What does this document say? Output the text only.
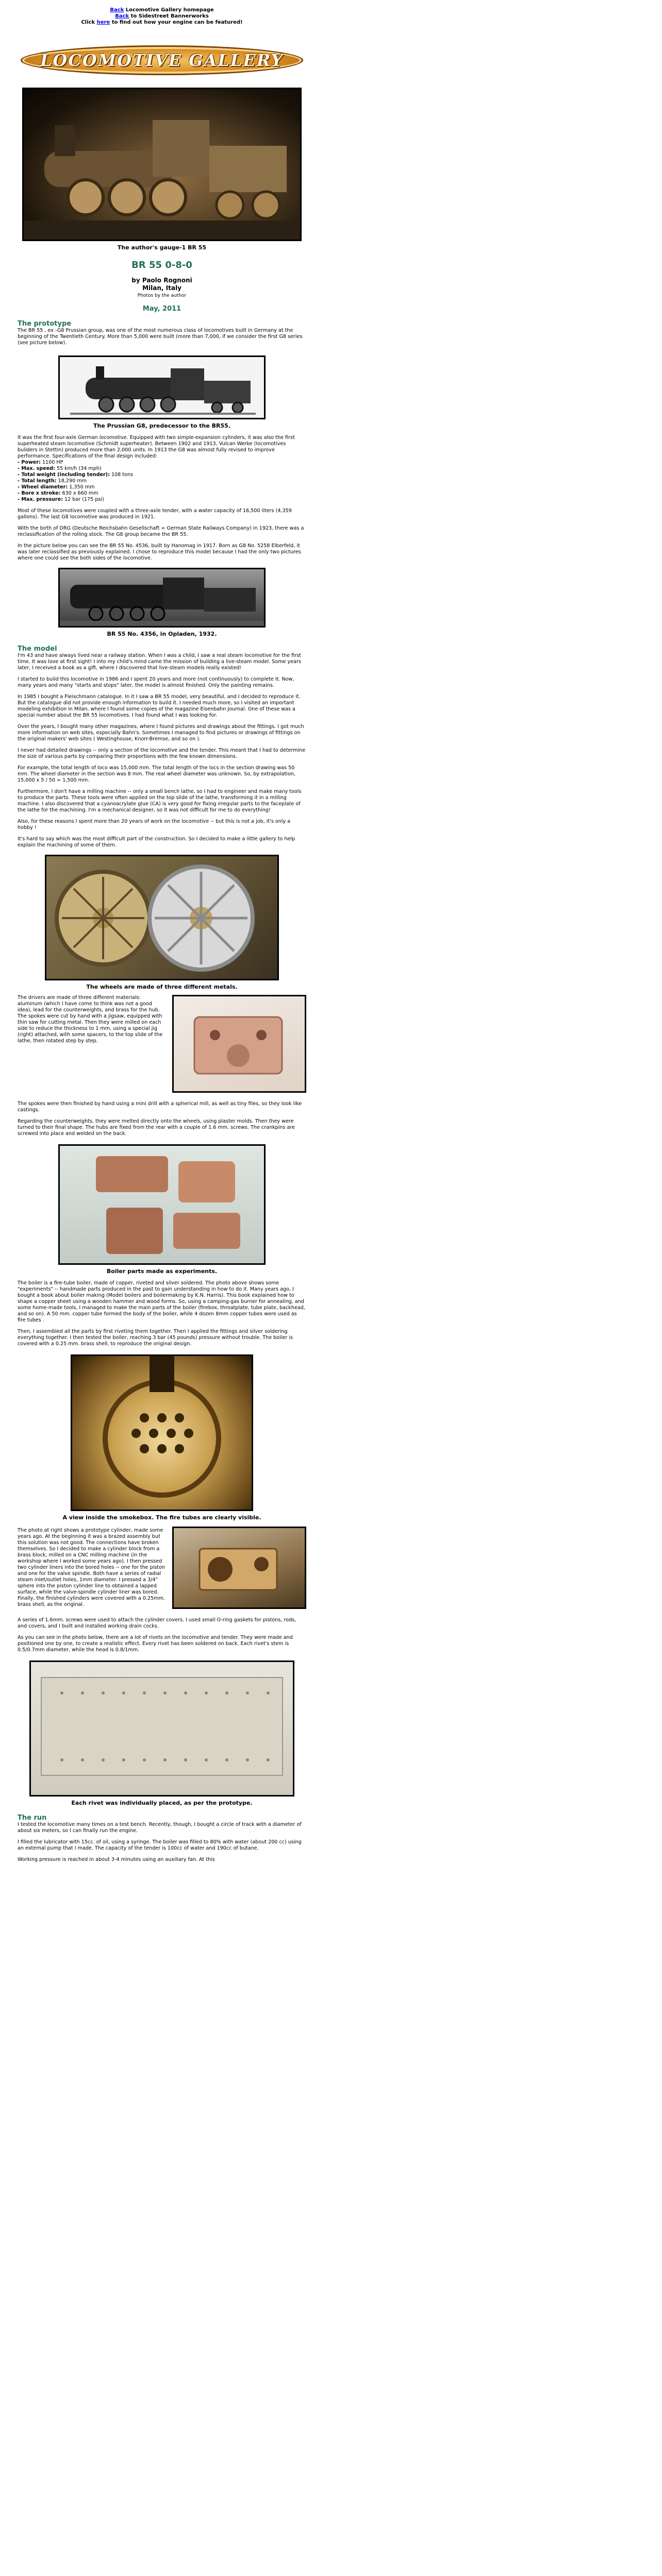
Back Locomotive Gallery homepage
Back to Sidestreet Bannerworks
Click here to find out how your engine can be featured!
LOCOMOTIVE GALLERY
The author's gauge-1 BR 55
BR 55 0-8-0
by Paolo Rognoni
Milan, Italy
Photos by the author
May, 2011
The prototype

The BR 55 , ex -G8 Prussian group, was one of the most numerous class of locomotives built in Germany at the beginning of the Twentieth Century. More than 5,000 were built (more than 7,000, if we consider the first G8 series (see picture below).

The Prussian G8, predecessor to the BR55.

It was the first four-axle German locomotive. Equipped with two simple-expansion cylinders, it was also the first superheated steam locomotive (Schmidt superheater). Between 1902 and 1913, Vulcan Werke (locomotives builders in Stettin) produced more than 2,000 units. In 1913 the G8 was almost fully revised to improve performance. Specifications of the final design included:

- Power: 1100 HP
- Max. speed: 55 km/h (34 mph)
- Total weight (including tender): 108 tons
- Total length: 18,290 mm
- Wheel diameter: 1,350 mm
- Bore x stroke: 630 x 660 mm
- Max. pressure: 12 bar (175 psi)

Most of these locomotives were coupled with a three-axle tender, with a water capacity of 16,500 liters (4,359 gallons). The last G8 locomotive was produced in 1921.

With the birth of DRG (Deutsche Reichsbahn Gesellschaft = German State Railways Company) in 1923, there was a reclassification of the rolling stock. The G8 group became the BR 55.

In the picture below you can see the BR 55 No. 4536, built by Hanomag in 1917. Born as G8 No. 5258 Elberfeld, it was later reclassified as previously explained. I chose to reproduce this model because I had the only two pictures where one could see the both sides of the locomotive.

BR 55 No. 4356, in Opladen, 1932.
The model

I'm 43 and have always lived near a railway station. When I was a child, I saw a real steam locomotive for the first time. It was love at first sight! I into my child's mind came the mission of building a live-steam model. Some years later, I received a book as a gift, where I discovered that live-steam models really existed!

I started to build this locomotive in 1986 and I spent 20 years and more (not continuously) to complete it. Now, many years and many "starts and stops" later, the model is almost finished. Only the painting remains.

In 1985 I bought a Fleischmann catalogue. In it I saw a BR 55 model, very beautiful, and I decided to reproduce it. But the catalogue did not provide enough information to build it. I needed much more, so I visited an important modeling exhibition in Milan, where I found some copies of the magazine Eisenbahn Journal. One of these was a special number about the BR 55 locomotives. I had found what I was looking for.

Over the years, I bought many other magazines, where I found pictures and drawings about the fittings. I got much more information on web sites, especially Bahn's. Sometimes I managed to find pictures or drawings of fittings on the original makers' web sites ( Westinghouse, Knorr-Bremse, and so on ).

I never had detailed drawings -- only a section of the locomotive and the tender. This meant that I had to determine the size of various parts by comparing their proportions with the few known dimensions.

For example, the total length of loco was 15,000 mm. The total length of the locs in the section drawing was 50 mm. The wheel diameter in the section was 8 mm. The real wheel diameter was unknown. So, by extrapolation, 15,000 x 5 / 50 = 1,500 mm.

Furthermore, I don't have a milling machine -- only a small bench lathe, so I had to engineer and make many tools to produce the parts. These tools were often applied on the top slide of the lathe, transforming it in a milling machine. I also discovered that a cyanoacrylate glue (CA) is very good for fixing irregular parts to the faceplate of the lathe for the machining. I'm a mechanical designer, so it was not difficult for me to do everything!

Also, for these reasons I spent more than 20 years of work on the locomotive -- but this is not a job, it's only a hobby !

It's hard to say which was the most difficult part of the construction. So I decided to make a little gallery to help explain the machining of some of them.

The wheels are made of three different metals.

The drivers are made of three different materials: aluminum (which I have come to think was not a good idea), lead for the counterweights, and brass for the hub. The spokes were cut by hand with a jigsaw, equipped with thin saw for cutting metal. Then they were milled on each side to reduce the thickness to 1 mm, using a special jig (right) attached, with some spacers, to the top slide of the lathe, then rotated step by step.

The spokes were then finished by hand using a mini drill with a spherical mill, as well as tiny files, so they look like castings.

Regarding the counterweights, they were melted directly onto the wheels, using plaster molds. Then they were turned to their final shape. The hubs are fixed from the rear with a couple of 1.6 mm. screws. The crankpins are screwed into place and welded on the back.

Boiler parts made as experiments.

The boiler is a fire-tube boiler, made of copper, riveted and silver soldered. The photo above shows some "experiments" -- handmade parts produced in the past to gain understanding in how to do it. Many years ago, I bought a book about boiler making (Model boilers and boilermaking by K.N. Harris). This book explained how to shape a copper sheet using a wooden hammer and wood forms. So, using a camping-gas burner for annealing, and some home-made tools, I managed to make the main parts of the boiler (firebox, throatplate, tube plate, backhead, and so on). A 50 mm. copper tube formed the body of the boiler, while 4 dozen 8mm copper tubes were used as fire tubes .

Then, I assembled all the parts by first riveting them together. Then I applied the fittings and silver soldering everything together. I then tested the boiler, reaching 3 bar (45 pounds) pressure without trouble. The boiler is covered with a 0.25 mm. brass shell, to reproduce the original design.

A view inside the smokebox. The fire tubes are clearly visible.

The photo at right shows a prototype cylinder, made some years ago. At the beginning it was a brazed assembly but this solution was not good. The connections have broken themselves. So I decided to make a cylinder block from a brass block, milled on a CNC milling machine (in the workshop where I worked some years ago). I then pressed two cylinder liners into the bored holes -- one for the piston and one for the valve spindle. Both have a series of radial steam inlet/outlet holes, 1mm diameter. I pressed a 3/4" sphere into the piston cylinder line to obtained a lapped surface, while the valve-spindle cylinder liner was bored. Finally, the finished cylinders were covered with a 0.25mm. brass shell, as the original.

A series of 1.6mm. screws were used to attach the cylinder covers. I used small O-ring gaskets for pistons, rods, and covers, and I built and installed working drain cocks.

As you can see in the photo below, there are a lot of rivets on the locomotive and tender. They were made and positioned one by one, to create a realistic effect. Every rivet has been soldered on back. Each rivet's stem is 0.5/0.7mm diameter, while the head is 0.8/1mm.

Each rivet was individually placed, as per the prototype.
The run

I tested the locomotive many times on a test bench. Recently, though, I bought a circle of track with a diameter of about six meters, so I can finally run the engine.

I filled the lubricator with 15cc. of oil, using a syringe. The boiler was filled to 80% with water (about 200 cc) using an external pump that I made. The capacity of the tender is 100cc of water and 190cc of butane.

Working pressure is reached in about 3-4 minutes using an auxiliary fan. At this
